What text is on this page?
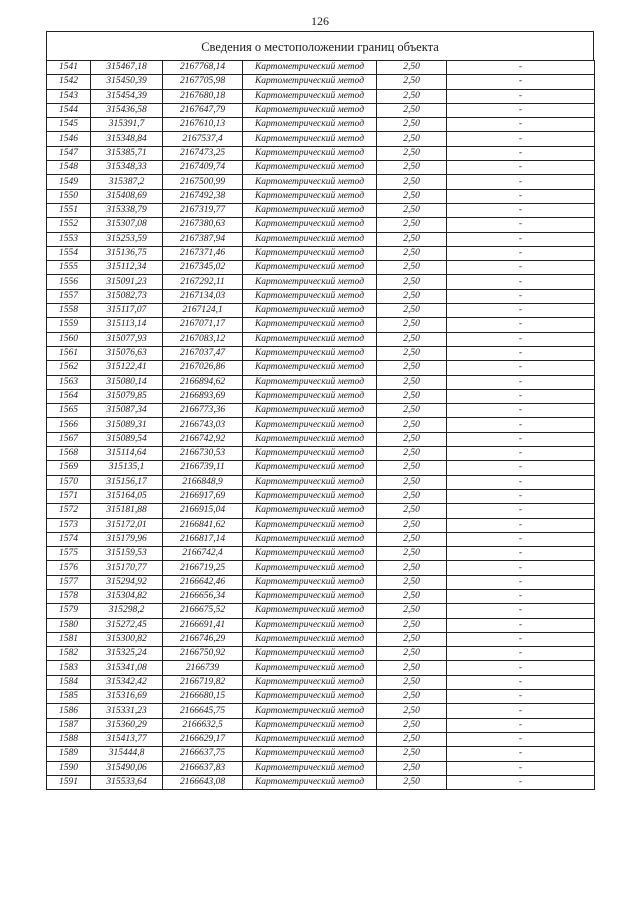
126
Сведения о местоположении границ объекта
1541	315467,18	2167768,14	Картометрический метод	2,50	-
1542	315450,39	2167705,98	Картометрический метод	2,50	-
1543	315454,39	2167680,18	Картометрический метод	2,50	-
1544	315436,58	2167647,79	Картометрический метод	2,50	-
1545	315391,7	2167610,13	Картометрический метод	2,50	-
1546	315348,84	2167537,4	Картометрический метод	2,50	-
1547	315385,71	2167473,25	Картометрический метод	2,50	-
1548	315348,33	2167409,74	Картометрический метод	2,50	-
1549	315387,2	2167500,99	Картометрический метод	2,50	-
1550	315408,69	2167492,38	Картометрический метод	2,50	-
1551	315338,79	2167319,77	Картометрический метод	2,50	-
1552	315307,08	2167380,63	Картометрический метод	2,50	-
1553	315253,59	2167387,94	Картометрический метод	2,50	-
1554	315136,75	2167371,46	Картометрический метод	2,50	-
1555	315112,34	2167345,02	Картометрический метод	2,50	-
1556	315091,23	2167292,11	Картометрический метод	2,50	-
1557	315082,73	2167134,03	Картометрический метод	2,50	-
1558	315117,07	2167124,1	Картометрический метод	2,50	-
1559	315113,14	2167071,17	Картометрический метод	2,50	-
1560	315077,93	2167083,12	Картометрический метод	2,50	-
1561	315076,63	2167037,47	Картометрический метод	2,50	-
1562	315122,41	2167026,86	Картометрический метод	2,50	-
1563	315080,14	2166894,62	Картометрический метод	2,50	-
1564	315079,85	2166893,69	Картометрический метод	2,50	-
1565	315087,34	2166773,36	Картометрический метод	2,50	-
1566	315089,31	2166743,03	Картометрический метод	2,50	-
1567	315089,54	2166742,92	Картометрический метод	2,50	-
1568	315114,64	2166730,53	Картометрический метод	2,50	-
1569	315135,1	2166739,11	Картометрический метод	2,50	-
1570	315156,17	2166848,9	Картометрический метод	2,50	-
1571	315164,05	2166917,69	Картометрический метод	2,50	-
1572	315181,88	2166915,04	Картометрический метод	2,50	-
1573	315172,01	2166841,62	Картометрический метод	2,50	-
1574	315179,96	2166817,14	Картометрический метод	2,50	-
1575	315159,53	2166742,4	Картометрический метод	2,50	-
1576	315170,77	2166719,25	Картометрический метод	2,50	-
1577	315294,92	2166642,46	Картометрический метод	2,50	-
1578	315304,82	2166656,34	Картометрический метод	2,50	-
1579	315298,2	2166675,52	Картометрический метод	2,50	-
1580	315272,45	2166691,41	Картометрический метод	2,50	-
1581	315300,82	2166746,29	Картометрический метод	2,50	-
1582	315325,24	2166750,92	Картометрический метод	2,50	-
1583	315341,08	2166739	Картометрический метод	2,50	-
1584	315342,42	2166719,82	Картометрический метод	2,50	-
1585	315316,69	2166680,15	Картометрический метод	2,50	-
1586	315331,23	2166645,75	Картометрический метод	2,50	-
1587	315360,29	2166632,5	Картометрический метод	2,50	-
1588	315413,77	2166629,17	Картометрический метод	2,50	-
1589	315444,8	2166637,75	Картометрический метод	2,50	-
1590	315490,06	2166637,83	Картометрический метод	2,50	-
1591	315533,64	2166643,08	Картометрический метод	2,50	-
